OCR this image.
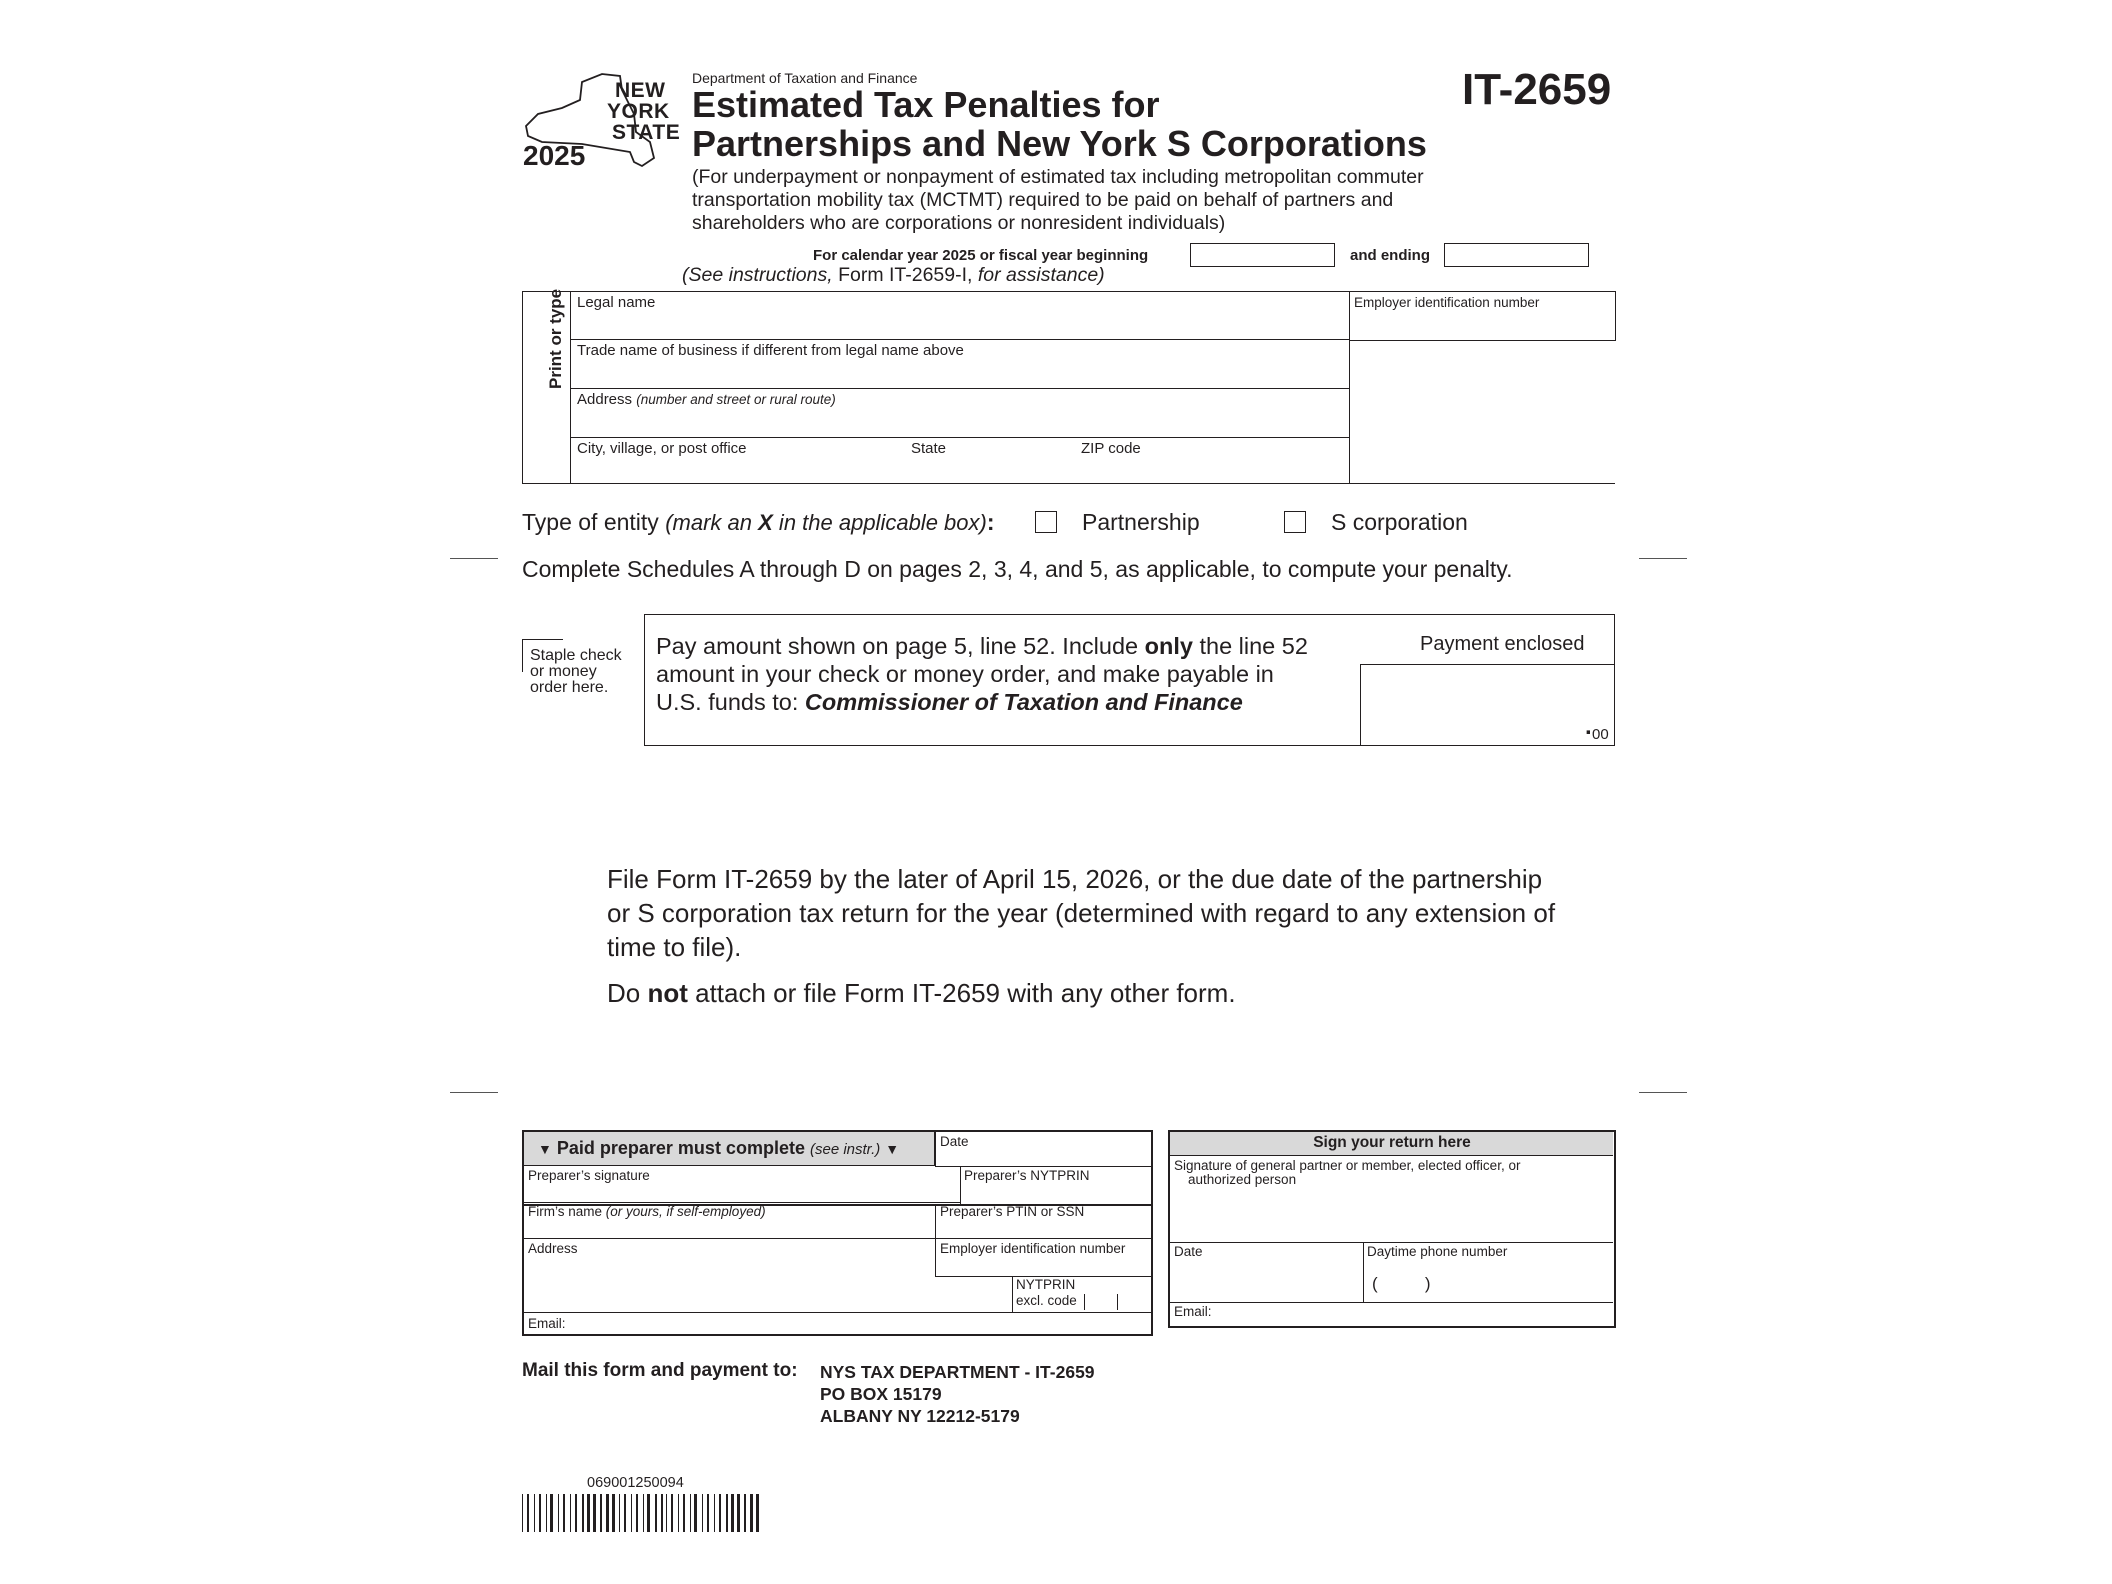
NEW
YORK
STATE
2025
Department of Taxation and Finance
Estimated Tax Penalties for
Partnerships and New York S Corporations
IT-2659
(For underpayment or nonpayment of estimated tax including metropolitan commuter
transportation mobility tax (MCTMT) required to be paid on behalf of partners and
shareholders who are corporations or nonresident individuals)
For calendar year 2025 or fiscal year beginning	and ending
(See instructions, Form IT-2659-I, for assistance)
Print or type Legal name
Trade name of business if different from legal name above
Address (number and street or rural route)
City, village, or post office	State	ZIP code
Employer identification number
Type of entity (mark an X in the applicable box):	Partnership	S corporation
Complete Schedules A through D on pages 2, 3, 4, and 5, as applicable, to compute your penalty.
Staple check
or money
order here.
Pay amount shown on page 5, line 52. Include only the line 52
amount in your check or money order, and make payable in
U.S. funds to: Commissioner of Taxation and Finance
Payment enclosed
. 00
File Form IT-2659 by the later of April 15, 2026, or the due date of the partnership
or S corporation tax return for the year (determined with regard to any extension of
time to file).
Do not attach or file Form IT-2659 with any other form.
▼ Paid preparer must complete (see instr.) ▼	Date
Preparer’s signature	Preparer’s NYTPRIN
Firm’s name (or yours, if self-employed)	Preparer’s PTIN or SSN
Address	Employer identification number
NYTPRIN
excl. code
Email:
Sign your return here
Signature of general partner or member, elected officer, or
authorized person
Date	Daytime phone number
(          )
Email:
Mail this form and payment to: NYS TAX DEPARTMENT - IT-2659
PO BOX 15179
ALBANY NY 12212-5179
069001250094
